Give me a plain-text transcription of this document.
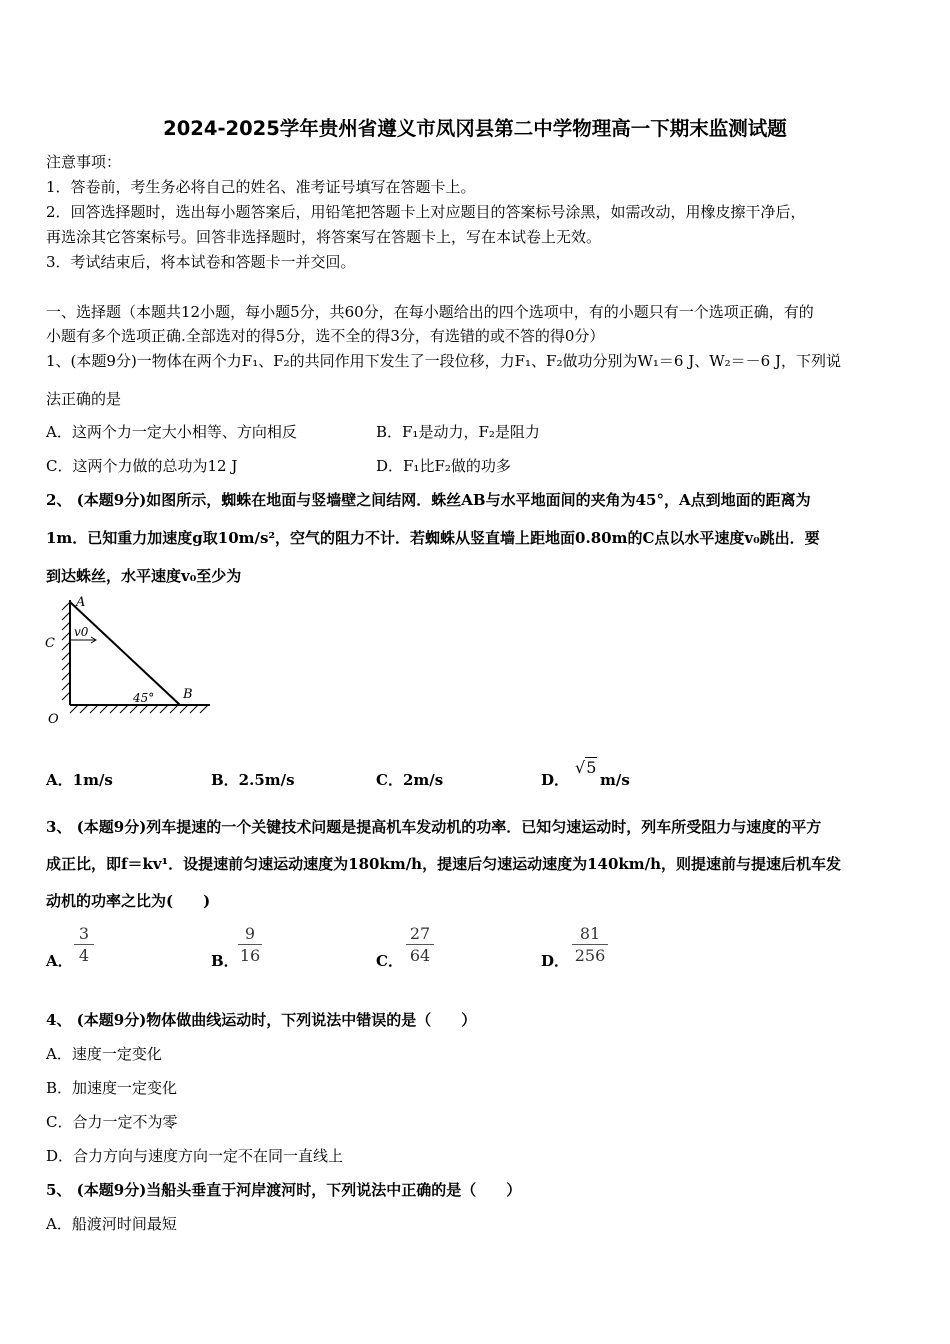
2024-2025学年贵州省遵义市凤冈县第二中学物理高一下期末监测试题
注意事项：
1．答卷前，考生务必将自己的姓名、准考证号填写在答题卡上。
2．回答选择题时，选出每小题答案后，用铅笔把答题卡上对应题目的答案标号涂黑，如需改动，用橡皮擦干净后，
再选涂其它答案标号。回答非选择题时，将答案写在答题卡上，写在本试卷上无效。
3．考试结束后，将本试卷和答题卡一并交回。
一、选择题（本题共12小题，每小题5分，共60分，在每小题给出的四个选项中，有的小题只有一个选项正确，有的
小题有多个选项正确.全部选对的得5分，选不全的得3分，有选错的或不答的得0分）
1、(本题9分)一物体在两个力F₁、F₂的共同作用下发生了一段位移，力F₁、F₂做功分别为W₁＝6 J、W₂＝－6 J，下列说
法正确的是
A．这两个力一定大小相等、方向相反	B．F₁是动力，F₂是阻力
C．这两个力做的总功为12 J	D．F₁比F₂做的功多
2、 (本题9分)如图所示，蜘蛛在地面与竖墙壁之间结网．蛛丝AB与水平地面间的夹角为45°，A点到地面的距离为
1m．已知重力加速度g取10m/s²，空气的阻力不计．若蜘蛛从竖直墙上距地面0.80m的C点以水平速度v₀跳出．要
到达蛛丝，水平速度v₀至少为
A
C
v0
45° B
O
A．1m/s	B．2.5m/s	C．2m/s	D．
√5
m/s
3、 (本题9分)列车提速的一个关键技术问题是提高机车发动机的功率．已知匀速运动时，列车所受阻力与速度的平方
成正比，即f＝kv¹．设提速前匀速运动速度为180km/h，提速后匀速运动速度为140km/h，则提速前与提速后机车发
动机的功率之比为(　　)
A．
3
4	B．
9
16	C．
27
64	D．
81
256
4、 (本题9分)物体做曲线运动时，下列说法中错误的是（　　）
A．速度一定变化
B．加速度一定变化
C．合力一定不为零
D．合力方向与速度方向一定不在同一直线上
5、 (本题9分)当船头垂直于河岸渡河时，下列说法中正确的是（　　）
A．船渡河时间最短
